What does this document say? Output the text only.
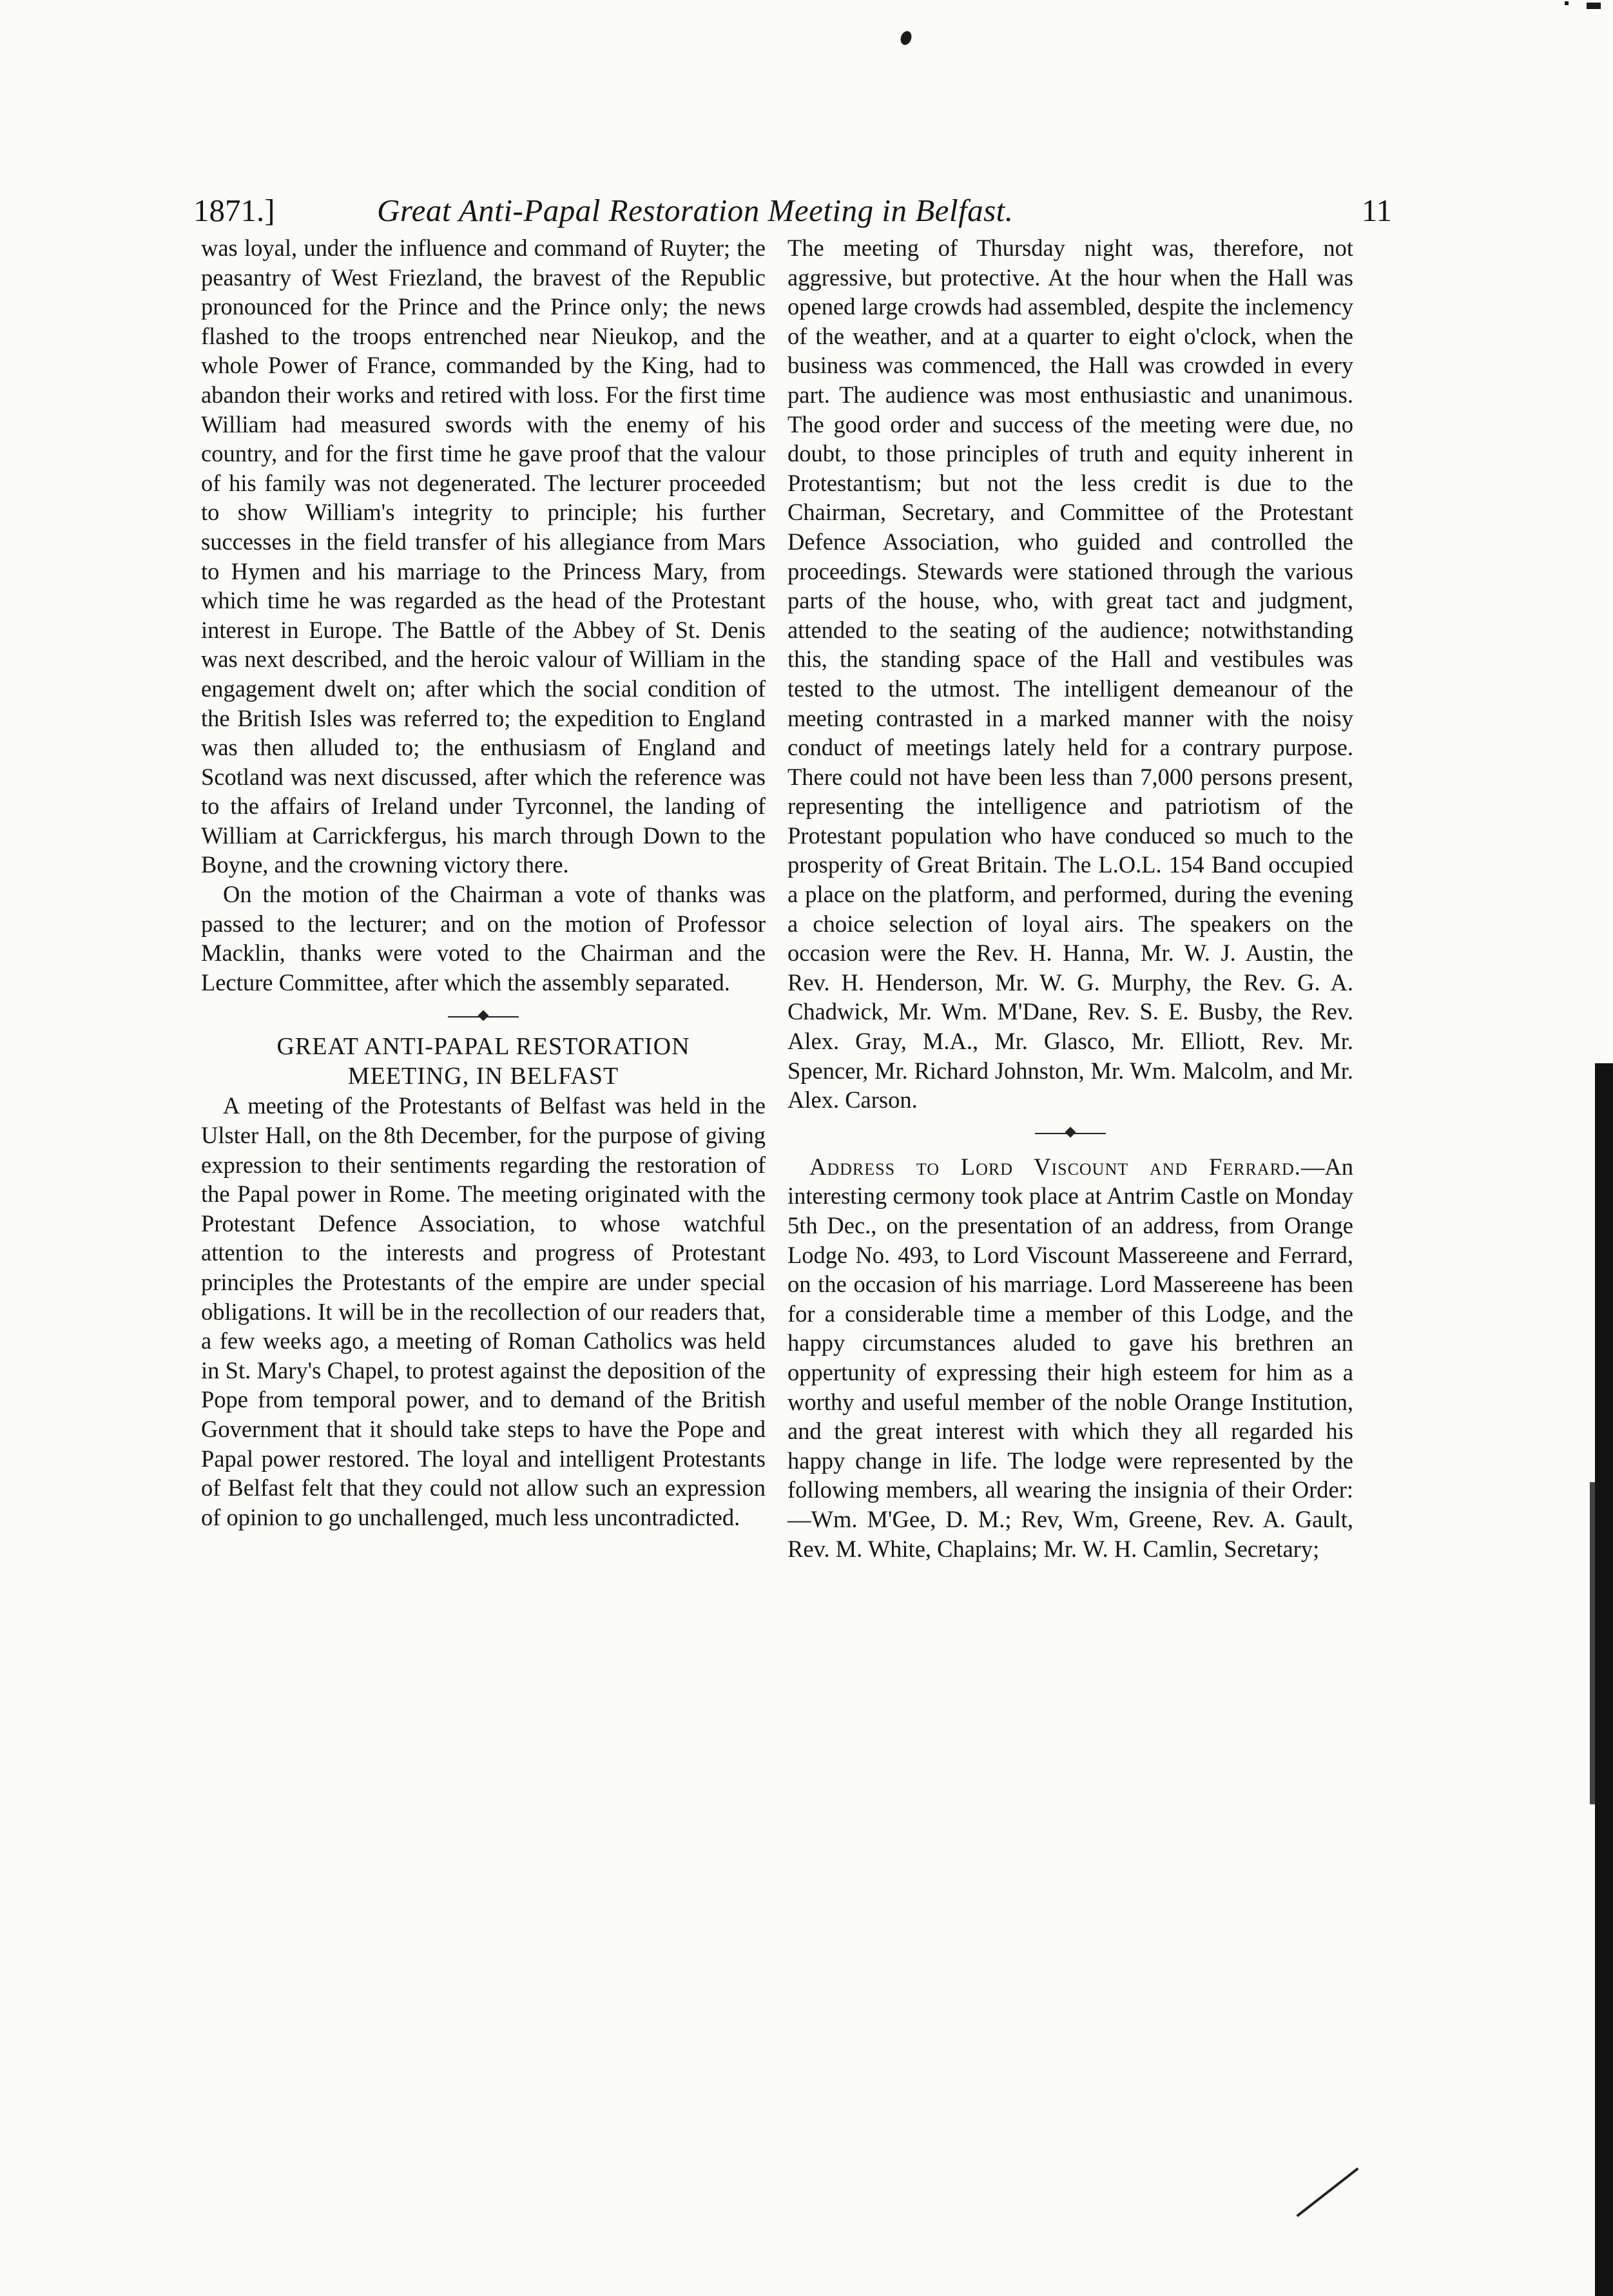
1871.]	Great Anti-Papal Restoration Meeting in Belfast.	11

was loyal, under the influence and command of Ruyter; the peasantry of West Friezland, the bravest of the Republic pronounced for the Prince and the Prince only; the news flashed to the troops entrenched near Nieukop, and the whole Power of France, commanded by the King, had to abandon their works and retired with loss. For the first time William had measured swords with the enemy of his country, and for the first time he gave proof that the valour of his family was not degenerated. The lecturer proceeded to show William's integrity to principle; his further successes in the field transfer of his allegiance from Mars to Hymen and his marriage to the Princess Mary, from which time he was regarded as the head of the Protestant interest in Europe. The Battle of the Abbey of St. Denis was next described, and the heroic valour of William in the engagement dwelt on; after which the social condition of the British Isles was referred to; the expedition to England was then alluded to; the enthusiasm of England and Scotland was next discussed, after which the reference was to the affairs of Ireland under Tyrconnel, the landing of William at Carrickfergus, his march through Down to the Boyne, and the crowning victory there.

On the motion of the Chairman a vote of thanks was passed to the lecturer; and on the motion of Professor Macklin, thanks were voted to the Chairman and the Lecture Committee, after which the assembly separated.

GREAT ANTI-PAPAL RESTORATION
MEETING, IN BELFAST

A meeting of the Protestants of Belfast was held in the Ulster Hall, on the 8th December, for the purpose of giving expression to their sentiments regarding the restoration of the Papal power in Rome. The meeting originated with the Protestant Defence Association, to whose watchful attention to the interests and progress of Protestant principles the Protestants of the empire are under special obligations. It will be in the recollection of our readers that, a few weeks ago, a meeting of Roman Catholics was held in St. Mary's Chapel, to protest against the deposition of the Pope from temporal power, and to demand of the British Government that it should take steps to have the Pope and Papal power restored. The loyal and intelligent Protestants of Belfast felt that they could not allow such an expression of opinion to go unchallenged, much less uncontradicted.

The meeting of Thursday night was, therefore, not aggressive, but protective. At the hour when the Hall was opened large crowds had assembled, despite the inclemency of the weather, and at a quarter to eight o'clock, when the business was commenced, the Hall was crowded in every part. The audience was most enthusiastic and unanimous. The good order and success of the meeting were due, no doubt, to those principles of truth and equity inherent in Protestantism; but not the less credit is due to the Chairman, Secretary, and Committee of the Protestant Defence Association, who guided and controlled the proceedings. Stewards were stationed through the various parts of the house, who, with great tact and judgment, attended to the seating of the audience; notwithstanding this, the standing space of the Hall and vestibules was tested to the utmost. The intelligent demeanour of the meeting contrasted in a marked manner with the noisy conduct of meetings lately held for a contrary purpose. There could not have been less than 7,000 persons present, representing the intelligence and patriotism of the Protestant population who have conduced so much to the prosperity of Great Britain. The L.O.L. 154 Band occupied a place on the platform, and performed, during the evening a choice selection of loyal airs. The speakers on the occasion were the Rev. H. Hanna, Mr. W. J. Austin, the Rev. H. Henderson, Mr. W. G. Murphy, the Rev. G. A. Chadwick, Mr. Wm. M'Dane, Rev. S. E. Busby, the Rev. Alex. Gray, M.A., Mr. Glasco, Mr. Elliott, Rev. Mr. Spencer, Mr. Richard Johnston, Mr. Wm. Malcolm, and Mr. Alex. Carson.

Address to Lord Viscount and Ferrard.—An interesting cermony took place at Antrim Castle on Monday 5th Dec., on the presentation of an address, from Orange Lodge No. 493, to Lord Viscount Massereene and Ferrard, on the occasion of his marriage. Lord Massereene has been for a considerable time a member of this Lodge, and the happy circumstances aluded to gave his brethren an oppertunity of expressing their high esteem for him as a worthy and useful member of the noble Orange Institution, and the great interest with which they all regarded his happy change in life. The lodge were represented by the following members, all wearing the insignia of their Order:—Wm. M'Gee, D. M.; Rev, Wm, Greene, Rev. A. Gault, Rev. M. White, Chaplains; Mr. W. H. Camlin, Secretary;
